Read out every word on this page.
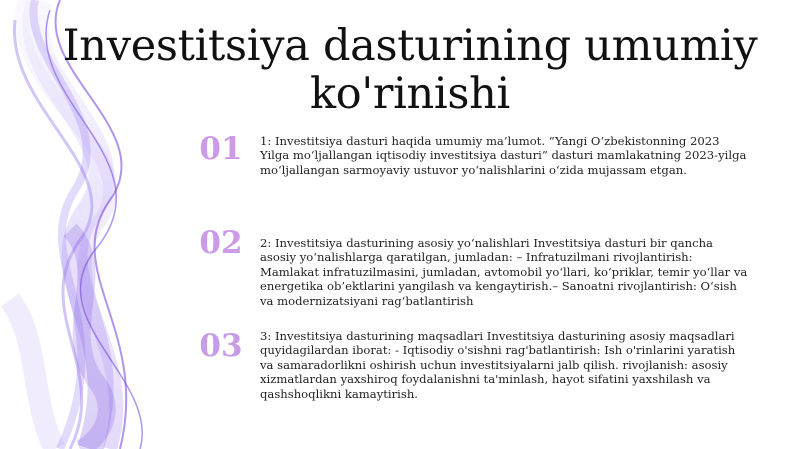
Investitsiya dasturining umumiy ko'rinishi
01 1: Investitsiya dasturi haqida umumiy ma’lumot. “Yangi O‘zbekistonning 2023 Yilga mo‘ljallangan iqtisodiy investitsiya dasturi” dasturi mamlakatning 2023-yilga mo‘ljallangan sarmoyaviy ustuvor yo‘nalishlarini o‘zida mujassam etgan.
02 2: Investitsiya dasturining asosiy yo‘nalishlari Investitsiya dasturi bir qancha asosiy yo‘nalishlarga qaratilgan, jumladan: – Infratuzilmani rivojlantirish: Mamlakat infratuzilmasini, jumladan, avtomobil yo‘llari, ko‘priklar, temir yo‘llar va energetika ob’ektlarini yangilash va kengaytirish.– Sanoatni rivojlantirish: O‘sish va modernizatsiyani rag‘batlantirish
03 3: Investitsiya dasturining maqsadlari Investitsiya dasturining asosiy maqsadlari quyidagilardan iborat: - Iqtisodiy o'sishni rag'batlantirish: Ish o'rinlarini yaratish va samaradorlikni oshirish uchun investitsiyalarni jalb qilish. rivojlanish: asosiy xizmatlardan yaxshiroq foydalanishni ta'minlash, hayot sifatini yaxshilash va qashshoqlikni kamaytirish.
